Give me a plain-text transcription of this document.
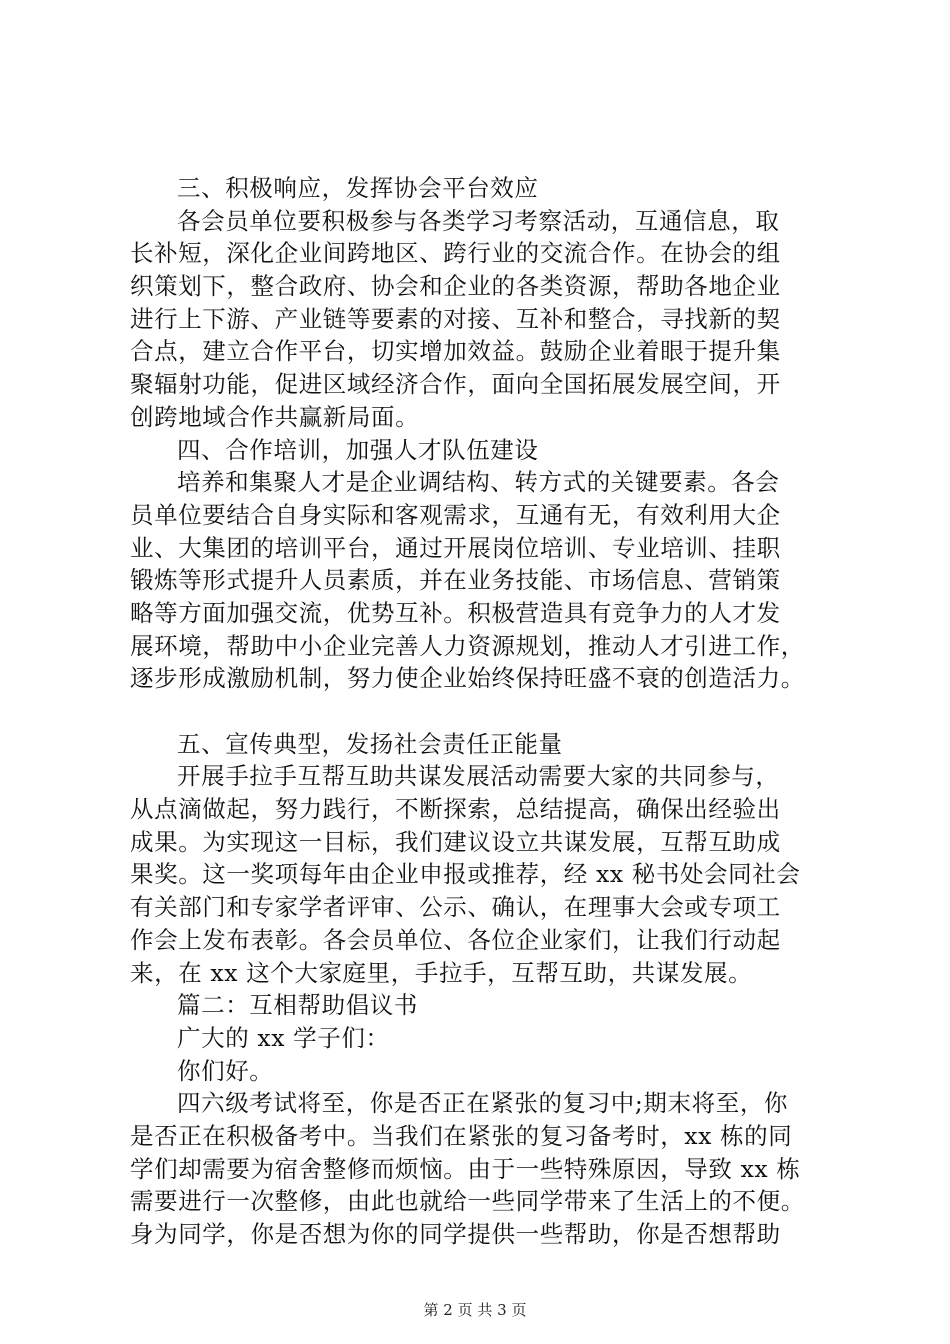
三、积极响应，发挥协会平台效应
各会员单位要积极参与各类学习考察活动，互通信息，取
长补短，深化企业间跨地区、跨行业的交流合作。在协会的组
织策划下，整合政府、协会和企业的各类资源，帮助各地企业
进行上下游、产业链等要素的对接、互补和整合，寻找新的契
合点，建立合作平台，切实增加效益。鼓励企业着眼于提升集
聚辐射功能，促进区域经济合作，面向全国拓展发展空间，开
创跨地域合作共赢新局面。
四、合作培训，加强人才队伍建设
培养和集聚人才是企业调结构、转方式的关键要素。各会
员单位要结合自身实际和客观需求，互通有无，有效利用大企
业、大集团的培训平台，通过开展岗位培训、专业培训、挂职
锻炼等形式提升人员素质，并在业务技能、市场信息、营销策
略等方面加强交流，优势互补。积极营造具有竞争力的人才发
展环境，帮助中小企业完善人力资源规划，推动人才引进工作，
逐步形成激励机制，努力使企业始终保持旺盛不衰的创造活力。
五、宣传典型，发扬社会责任正能量
开展手拉手互帮互助共谋发展活动需要大家的共同参与，
从点滴做起，努力践行，不断探索，总结提高，确保出经验出
成果。为实现这一目标，我们建议设立共谋发展，互帮互助成
果奖。这一奖项每年由企业申报或推荐，经 xx 秘书处会同社会
有关部门和专家学者评审、公示、确认，在理事大会或专项工
作会上发布表彰。各会员单位、各位企业家们，让我们行动起
来，在 xx 这个大家庭里，手拉手，互帮互助，共谋发展。
篇二：互相帮助倡议书
广大的 xx 学子们：
你们好。
四六级考试将至，你是否正在紧张的复习中;期末将至，你
是否正在积极备考中。当我们在紧张的复习备考时，xx 栋的同
学们却需要为宿舍整修而烦恼。由于一些特殊原因，导致 xx 栋
需要进行一次整修，由此也就给一些同学带来了生活上的不便。
身为同学，你是否想为你的同学提供一些帮助，你是否想帮助
第 2 页 共 3 页
